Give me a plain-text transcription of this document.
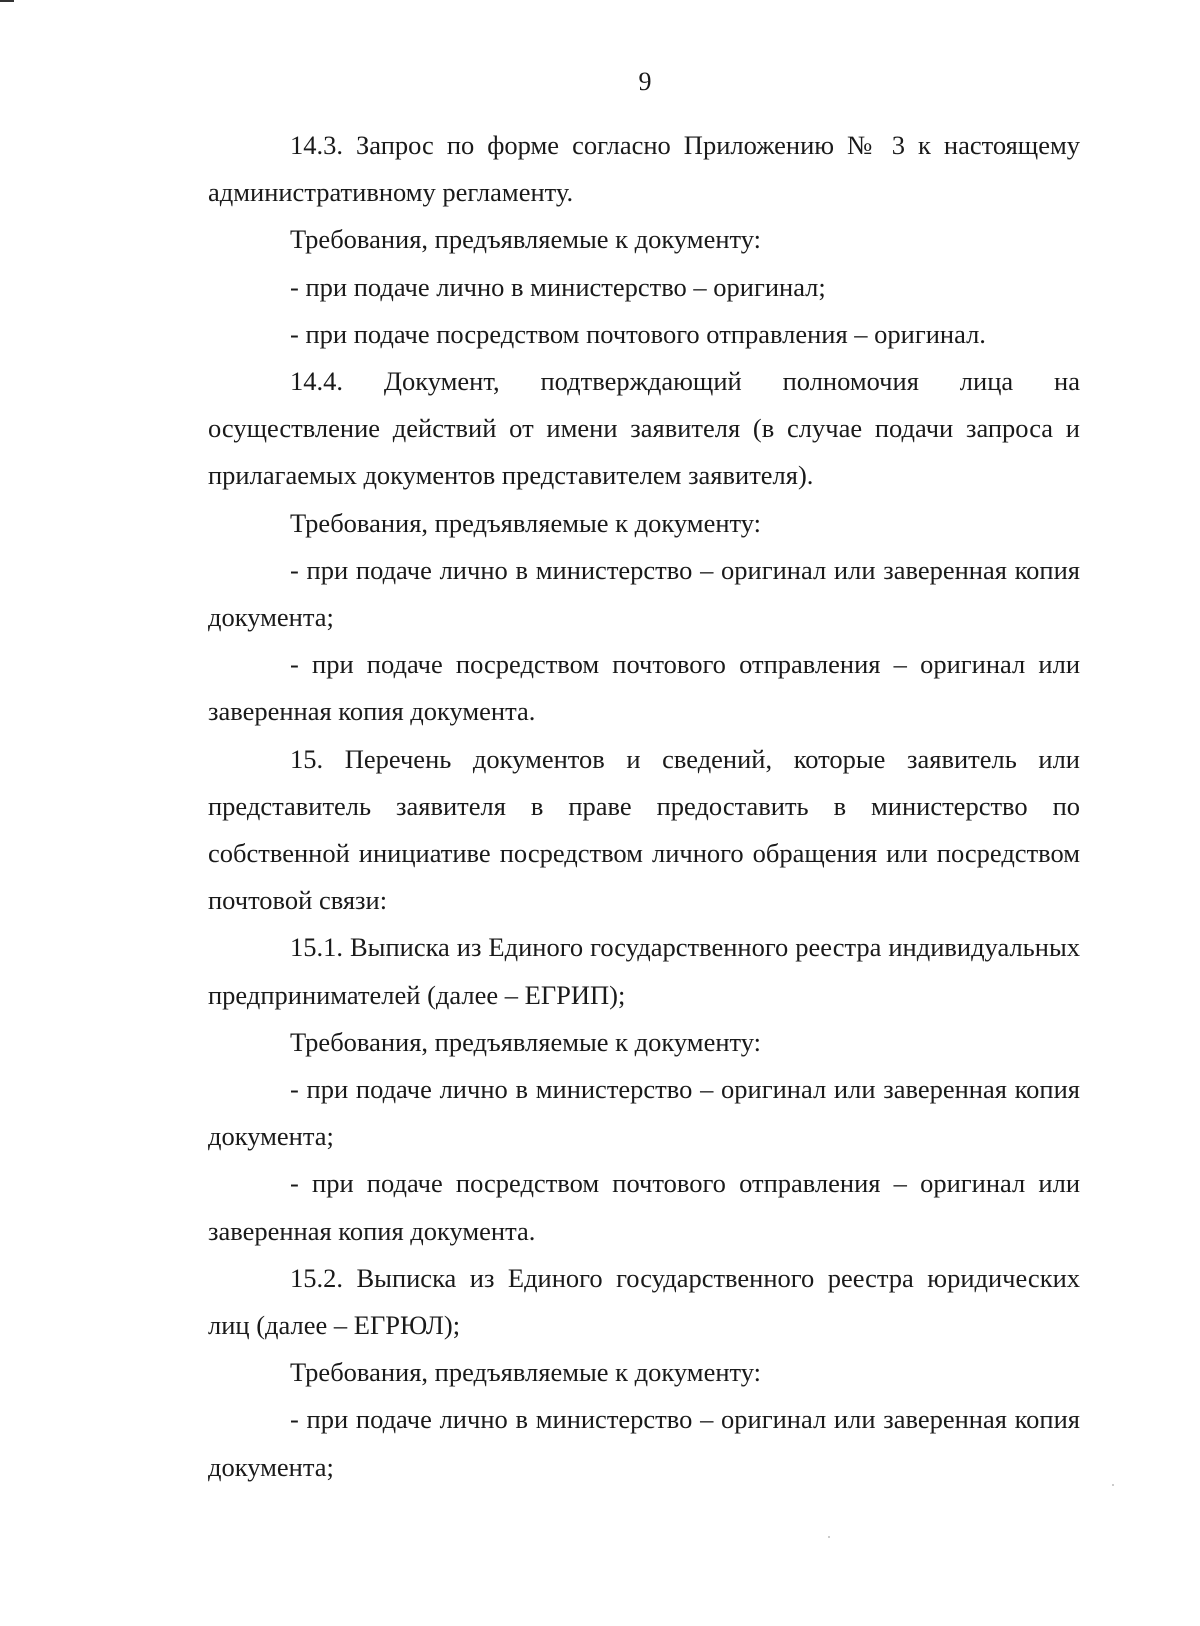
9

14.3. Запрос по форме согласно Приложению № 3 к настоящему административному регламенту.

Требования, предъявляемые к документу:

- при подаче лично в министерство – оригинал;

- при подаче посредством почтового отправления – оригинал.

14.4. Документ, подтверждающий полномочия лица на осуществление действий от имени заявителя (в случае подачи запроса и прилагаемых документов представителем заявителя).

Требования, предъявляемые к документу:

- при подаче лично в министерство – оригинал или заверенная копия документа;

- при подаче посредством почтового отправления – оригинал или заверенная копия документа.

15. Перечень документов и сведений, которые заявитель или представитель заявителя в праве предоставить в министерство по собственной инициативе посредством личного обращения или посредством почтовой связи:

15.1. Выписка из Единого государственного реестра индивидуальных предпринимателей (далее – ЕГРИП);

Требования, предъявляемые к документу:

- при подаче лично в министерство – оригинал или заверенная копия документа;

- при подаче посредством почтового отправления – оригинал или заверенная копия документа.

15.2. Выписка из Единого государственного реестра юридических лиц (далее – ЕГРЮЛ);

Требования, предъявляемые к документу:

- при подаче лично в министерство – оригинал или заверенная копия документа;
